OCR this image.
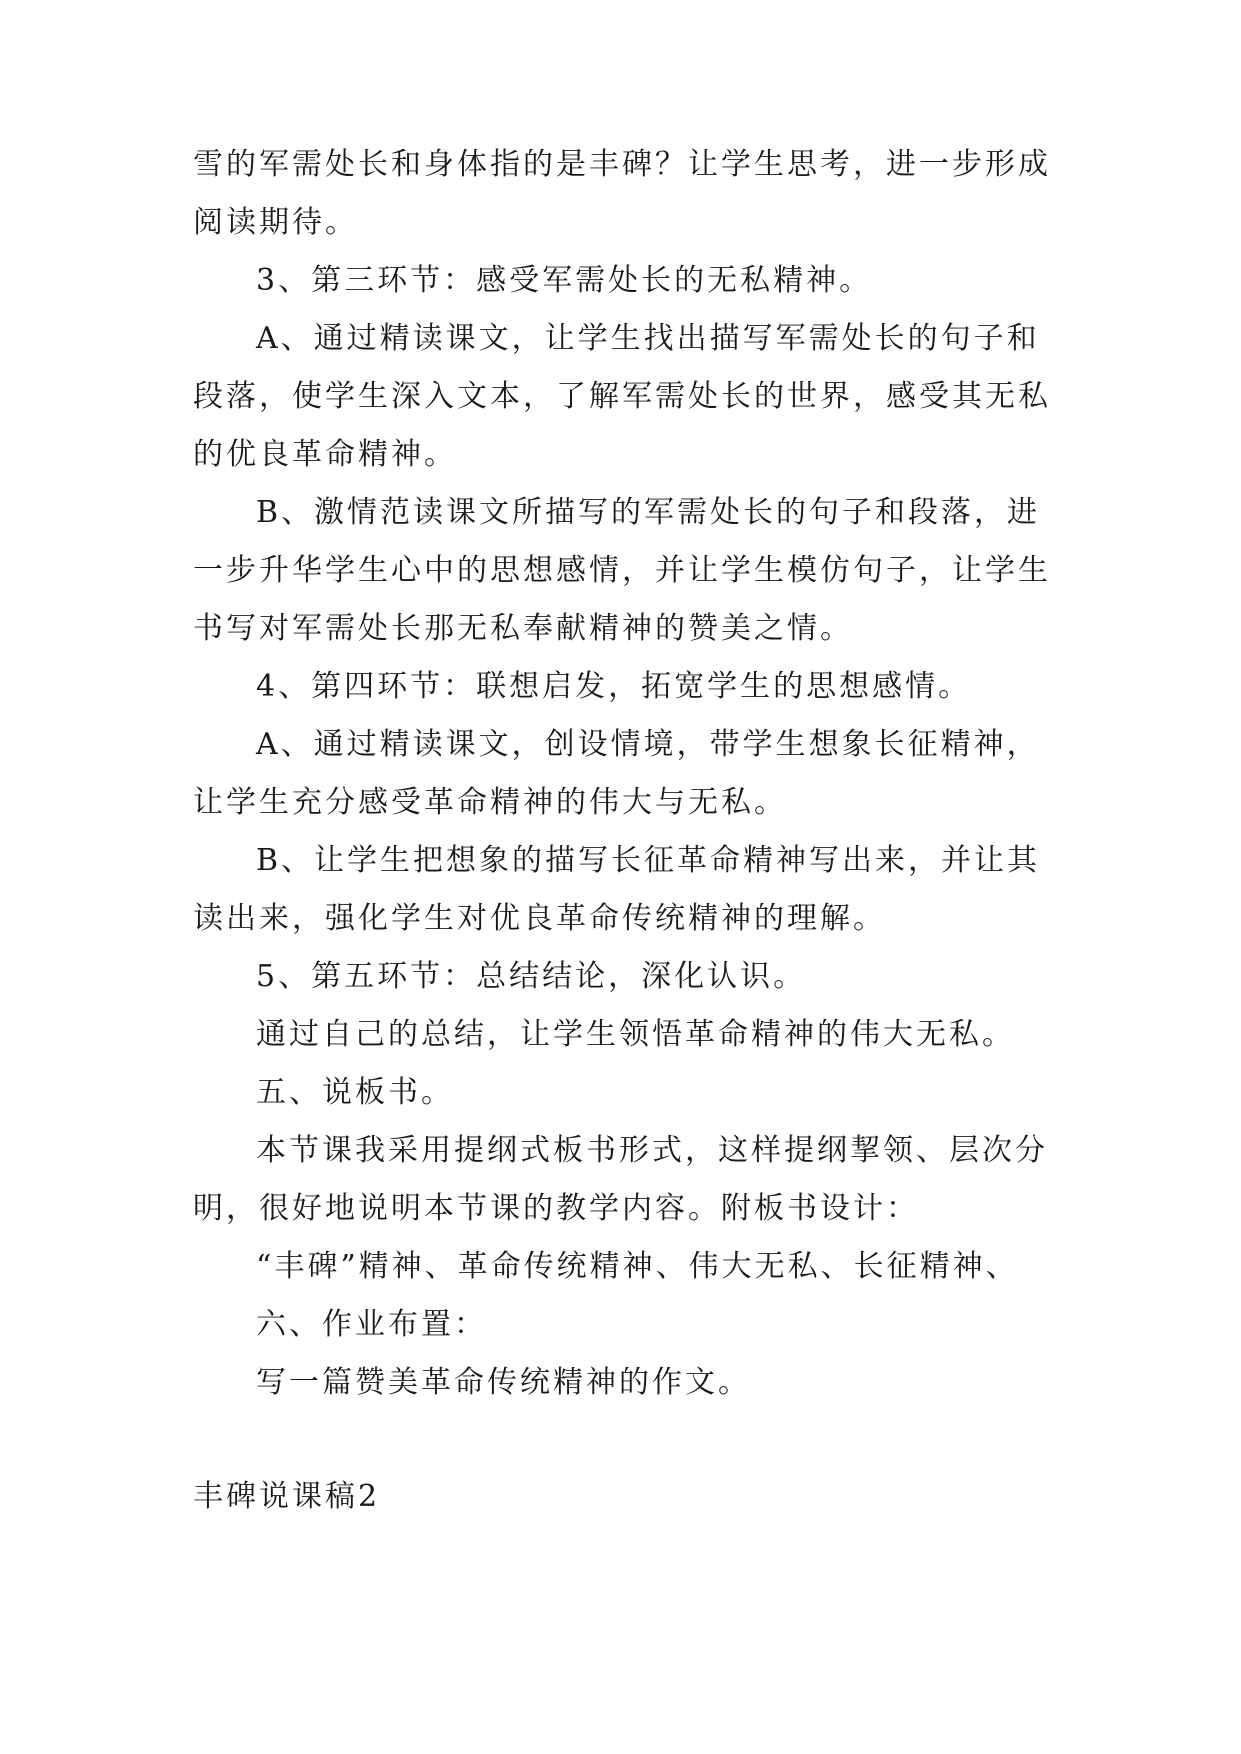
雪的军需处长和身体指的是丰碑？让学生思考，进一步形成阅读期待。

3、第三环节：感受军需处长的无私精神。

A、通过精读课文，让学生找出描写军需处长的句子和段落，使学生深入文本，了解军需处长的世界，感受其无私的优良革命精神。

B、激情范读课文所描写的军需处长的句子和段落，进一步升华学生心中的思想感情，并让学生模仿句子，让学生书写对军需处长那无私奉献精神的赞美之情。

4、第四环节：联想启发，拓宽学生的思想感情。

A、通过精读课文，创设情境，带学生想象长征精神，让学生充分感受革命精神的伟大与无私。

B、让学生把想象的描写长征革命精神写出来，并让其读出来，强化学生对优良革命传统精神的理解。

5、第五环节：总结结论，深化认识。

通过自己的总结，让学生领悟革命精神的伟大无私。

五、说板书。

本节课我采用提纲式板书形式，这样提纲挈领、层次分明，很好地说明本节课的教学内容。附板书设计：

“丰碑”精神、革命传统精神、伟大无私、长征精神、

六、作业布置：

写一篇赞美革命传统精神的作文。

丰碑说课稿2
